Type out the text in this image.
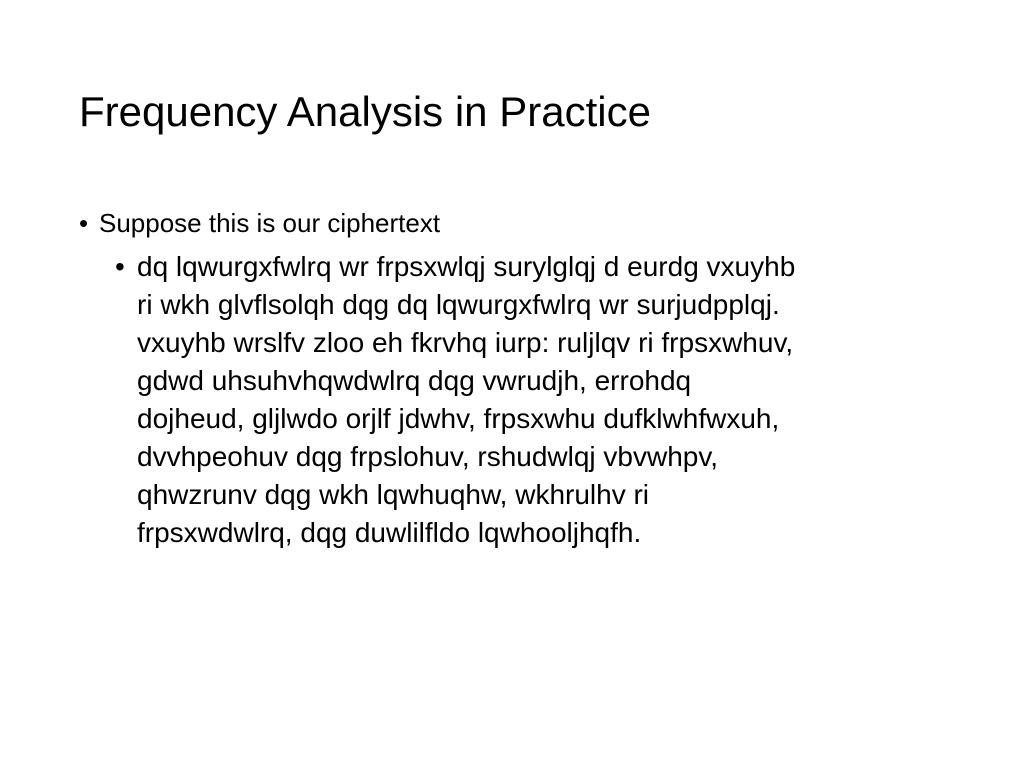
Frequency Analysis in Practice
• Suppose this is our ciphertext
• dq lqwurgxfwlrq wr frpsxwlqj surylglqj d eurdg vxuyhb
ri wkh glvflsolqh dqg dq lqwurgxfwlrq wr surjudpplqj.
vxuyhb wrslfv zloo eh fkrvhq iurp: ruljlqv ri frpsxwhuv,
gdwd uhsuhvhqwdwlrq dqg vwrudjh, errohdq
dojheud, gljlwdo orjlf jdwhv, frpsxwhu dufklwhfwxuh,
dvvhpeohuv dqg frpslohuv, rshudwlqj vbvwhpv,
qhwzrunv dqg wkh lqwhuqhw, wkhrulhv ri
frpsxwdwlrq, dqg duwlilfldo lqwhooljhqfh.
